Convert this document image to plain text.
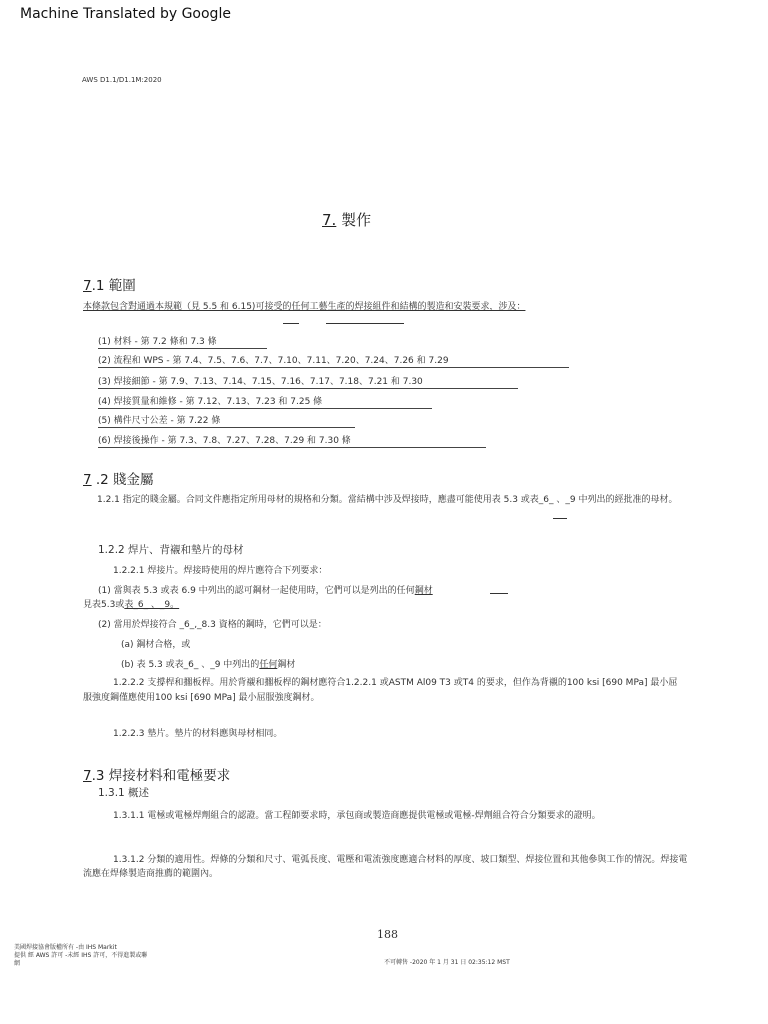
Machine Translated by Google
AWS D1.1/D1.1M:2020
7. 製作
7.1 範圍
本條款包含對通過本規範（見 5.5 和 6.15)可接受的任何工藝生產的焊接組件和結構的製造和安裝要求，涉及：
(1) 材料 - 第 7.2 條和 7.3 條
(2) 流程和 WPS - 第 7.4、7.5、7.6、7.7、7.10、7.11、7.20、7.24、7.26 和 7.29
(3) 焊接細節 - 第 7.9、7.13、7.14、7.15、7.16、7.17、7.18、7.21 和 7.30
(4) 焊接質量和維修 - 第 7.12、7.13、7.23 和 7.25 條
(5) 構件尺寸公差 - 第 7.22 條
(6) 焊接後操作 - 第 7.3、7.8、7.27、7.28、7.29 和 7.30 條
7 .2 賤金屬
1.2.1 指定的賤金屬。合同文件應指定所用母材的規格和分類。當結構中涉及焊接時，應盡可能使用表 5.3 或表_6_ 、_9 中列出的經批准的母材。
1.2.2 焊片、背襯和墊片的母材
1.2.2.1 焊接片。焊接時使用的焊片應符合下列要求：
(1) 當與表 5.3 或表 6.9 中列出的認可鋼材一起使用時，它們可以是列出的任何鋼材
見表5.3或表_6_ 、_9。
(2) 當用於焊接符合 _6_,_8.3 資格的鋼時，它們可以是：
(a) 鋼材合格，或
(b) 表 5.3 或表_6_ 、_9 中列出的任何鋼材
1.2.2.2 支撐桿和擱板桿。用於背襯和擱板桿的鋼材應符合1.2.2.1 或ASTM Al09 T3 或T4 的要求，但作為背襯的100 ksi [690 MPa] 最小屈服強度鋼僅應使用100 ksi [690 MPa] 最小屈服強度鋼材。
1.2.2.3 墊片。墊片的材料應與母材相同。
7.3 焊接材料和電極要求
1.3.1 概述
1.3.1.1 電極或電極焊劑組合的認證。當工程師要求時，承包商或製造商應提供電極或電極-焊劑組合符合分類要求的證明。
1.3.1.2 分類的適用性。焊條的分類和尺寸、電弧長度、電壓和電流強度應適合材料的厚度、坡口類型、焊接位置和其他參與工作的情況。焊接電流應在焊條製造商推薦的範圍內。
188
美國焊接協會版權所有 -由 IHS Markit
提供 經 AWS 許可 -未經 IHS 許可，不得進製或聯
網	不可轉售 -2020 年 1 月 31 日 02:35:12 MST
